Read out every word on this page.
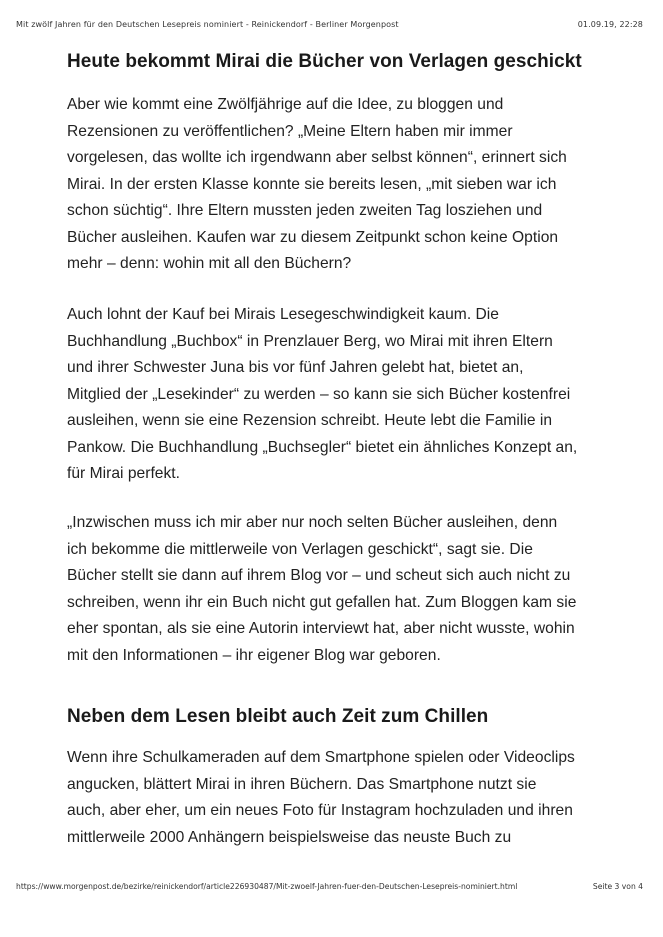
Mit zwölf Jahren für den Deutschen Lesepreis nominiert - Reinickendorf - Berliner Morgenpost	01.09.19, 22:28
Heute bekommt Mirai die Bücher von Verlagen geschickt

Aber wie kommt eine Zwölfjährige auf die Idee, zu bloggen und
Rezensionen zu veröffentlichen? „Meine Eltern haben mir immer
vorgelesen, das wollte ich irgendwann aber selbst können“, erinnert sich
Mirai. In der ersten Klasse konnte sie bereits lesen, „mit sieben war ich
schon süchtig“. Ihre Eltern mussten jeden zweiten Tag losziehen und
Bücher ausleihen. Kaufen war zu diesem Zeitpunkt schon keine Option
mehr – denn: wohin mit all den Büchern?

Auch lohnt der Kauf bei Mirais Lesegeschwindigkeit kaum. Die
Buchhandlung „Buchbox“ in Prenzlauer Berg, wo Mirai mit ihren Eltern
und ihrer Schwester Juna bis vor fünf Jahren gelebt hat, bietet an,
Mitglied der „Lesekinder“ zu werden – so kann sie sich Bücher kostenfrei
ausleihen, wenn sie eine Rezension schreibt. Heute lebt die Familie in
Pankow. Die Buchhandlung „Buchsegler“ bietet ein ähnliches Konzept an,
für Mirai perfekt.

„Inzwischen muss ich mir aber nur noch selten Bücher ausleihen, denn
ich bekomme die mittlerweile von Verlagen geschickt“, sagt sie. Die
Bücher stellt sie dann auf ihrem Blog vor – und scheut sich auch nicht zu
schreiben, wenn ihr ein Buch nicht gut gefallen hat. Zum Bloggen kam sie
eher spontan, als sie eine Autorin interviewt hat, aber nicht wusste, wohin
mit den Informationen – ihr eigener Blog war geboren.

Neben dem Lesen bleibt auch Zeit zum Chillen

Wenn ihre Schulkameraden auf dem Smartphone spielen oder Videoclips
angucken, blättert Mirai in ihren Büchern. Das Smartphone nutzt sie
auch, aber eher, um ein neues Foto für Instagram hochzuladen und ihren
mittlerweile 2000 Anhängern beispielsweise das neuste Buch zu

https://www.morgenpost.de/bezirke/reinickendorf/article226930487/Mit-zwoelf-Jahren-fuer-den-Deutschen-Lesepreis-nominiert.html	Seite 3 von 4
